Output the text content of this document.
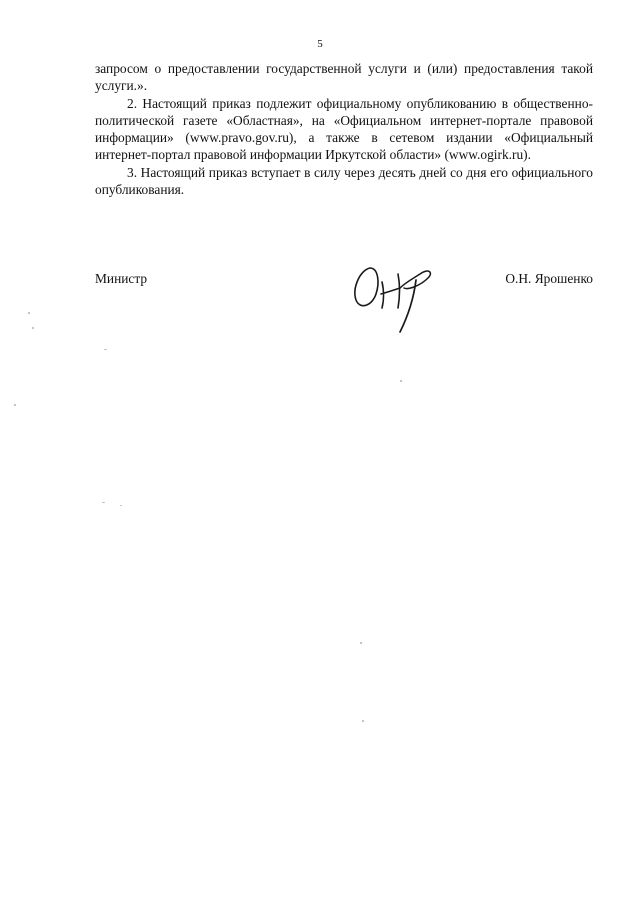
5

запросом о предоставлении государственной услуги и (или) предоставления такой услуги.».

2. Настоящий приказ подлежит официальному опубликованию в общественно-политической газете «Областная», на «Официальном интернет-портале правовой информации» (www.pravo.gov.ru), а также в сетевом издании «Официальный интернет-портал правовой информации Иркутской области» (www.ogirk.ru).

3. Настоящий приказ вступает в силу через десять дней со дня его официального опубликования.

Министр	О.Н. Ярошенко
